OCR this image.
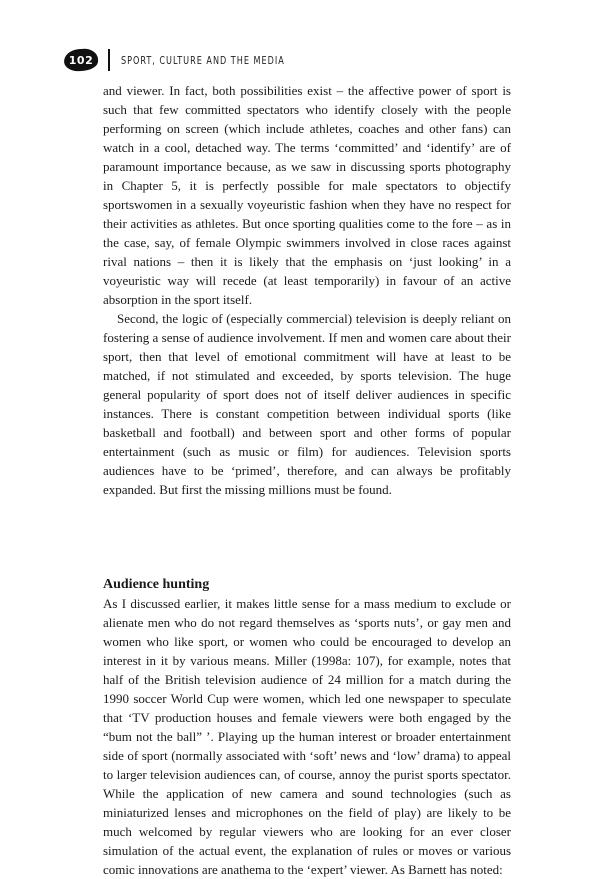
102	SPORT, CULTURE AND THE MEDIA

and viewer. In fact, both possibilities exist – the affective power of sport is such that few committed spectators who identify closely with the people performing on screen (which include athletes, coaches and other fans) can watch in a cool, detached way. The terms ‘committed’ and ‘identify’ are of paramount importance because, as we saw in discussing sports photography in Chapter 5, it is perfectly possible for male spectators to objectify sportswomen in a sexually voyeuristic fashion when they have no respect for their activities as athletes. But once sporting qualities come to the fore – as in the case, say, of female Olympic swimmers involved in close races against rival nations – then it is likely that the emphasis on ‘just looking’ in a voyeuristic way will recede (at least temporarily) in favour of an active absorption in the sport itself.

Second, the logic of (especially commercial) television is deeply reliant on fostering a sense of audience involvement. If men and women care about their sport, then that level of emotional commitment will have at least to be matched, if not stimulated and exceeded, by sports television. The huge general popularity of sport does not of itself deliver audiences in specific instances. There is constant competition between individual sports (like basketball and football) and between sport and other forms of popular entertainment (such as music or film) for audiences. Television sports audiences have to be ‘primed’, therefore, and can always be profitably expanded. But first the missing millions must be found.

Audience hunting

As I discussed earlier, it makes little sense for a mass medium to exclude or alienate men who do not regard themselves as ‘sports nuts’, or gay men and women who like sport, or women who could be encouraged to develop an interest in it by various means. Miller (1998a: 107), for example, notes that half of the British television audience of 24 million for a match during the 1990 soccer World Cup were women, which led one newspaper to speculate that ‘TV production houses and female viewers were both engaged by the “bum not the ball” ’. Playing up the human interest or broader entertainment side of sport (normally associated with ‘soft’ news and ‘low’ drama) to appeal to larger television audiences can, of course, annoy the purist sports spectator. While the application of new camera and sound technologies (such as miniaturized lenses and microphones on the field of play) are likely to be much welcomed by regular viewers who are looking for an ever closer simulation of the actual event, the explanation of rules or moves or various comic innovations are anathema to the ‘expert’ viewer. As Barnett has noted:
